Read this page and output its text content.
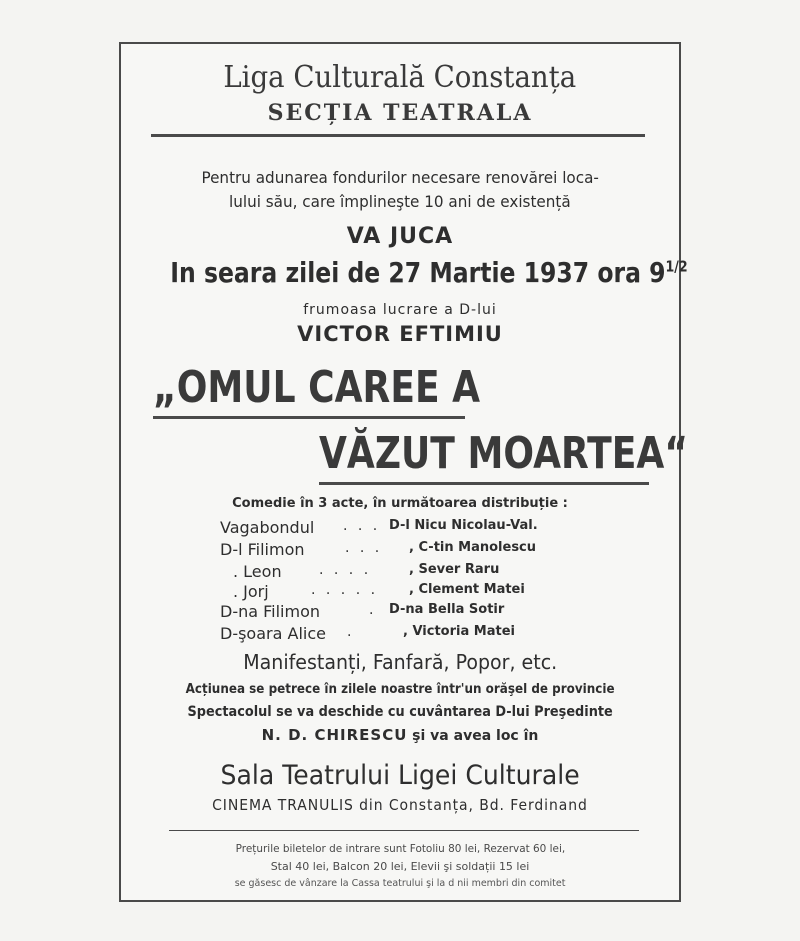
Liga Culturală Constanța
SECȚIA TEATRALA
Pentru adunarea fondurilor necesare renovărei loca-
lului său, care împlineşte 10 ani de existență
VA JUCA
In seara zilei de 27 Martie 1937 ora $9^{1/2}$
frumoasa lucrare a D-lui
VICTOR EFTIMIU
„OMUL CAREE A
VĂZUT MOARTEA“
Comedie în 3 acte, în următoarea distribuție :
Vagabondul . . . D-l Nicu Nicolau-Val.
D-l Filimon	. . . , C-tin Manolescu
. Leon	. . . .	, Sever Raru
. Jorj	. . . . . , Clement Matei
D-na Filimon	. D-na Bella Sotir
D-şoara Alice .	, Victoria Matei
Manifestanți, Fanfară, Popor, etc.
Acțiunea se petrece în zilele noastre într'un orăşel de provincie
Spectacolul se va deschide cu cuvântarea D-lui Preşedinte
N. D. CHIRESCU şi va avea loc în
Sala Teatrului Ligei Culturale
CINEMA TRANULIS din Constanța, Bd. Ferdinand
Prețurile biletelor de intrare sunt Fotoliu 80 lei, Rezervat 60 lei,
Stal 40 lei, Balcon 20 lei, Elevii şi soldații 15 lei
se găsesc de vânzare la Cassa teatrului şi la d nii membri din comitet
